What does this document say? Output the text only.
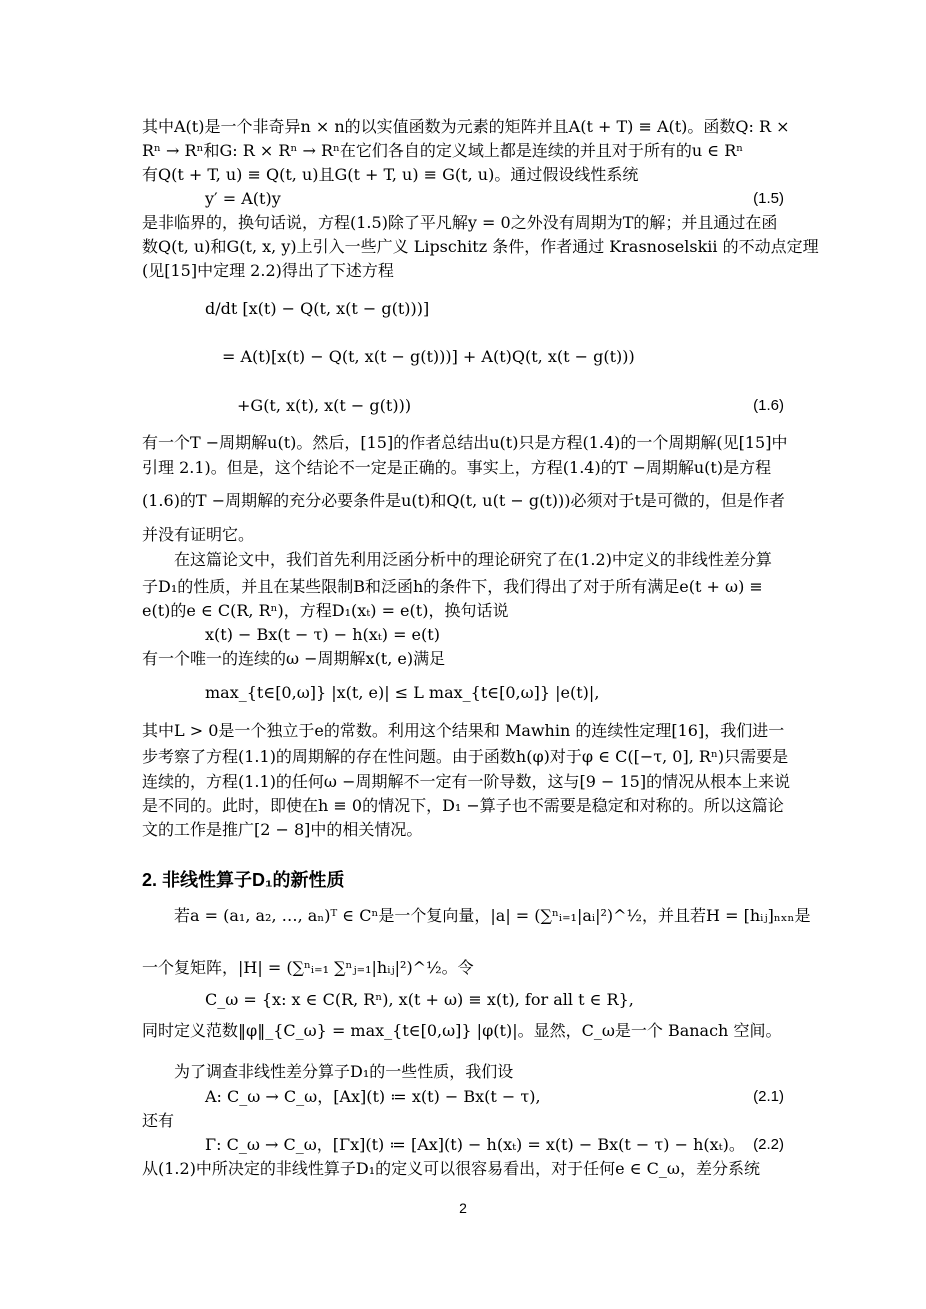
其中A(t)是一个非奇异n × n的以实值函数为元素的矩阵并且A(t + T) ≡ A(t)。函数Q: R ×
Rⁿ → Rⁿ和G: R × Rⁿ → Rⁿ在它们各自的定义域上都是连续的并且对于所有的u ∈ Rⁿ
有Q(t + T, u) ≡ Q(t, u)且G(t + T, u) ≡ G(t, u)。通过假设线性系统
y′ = A(t)y	(1.5)
是非临界的，换句话说，方程(1.5)除了平凡解y = 0之外没有周期为T的解；并且通过在函
数Q(t, u)和G(t, x, y)上引入一些广义 Lipschitz 条件，作者通过 Krasnoselskii 的不动点定理
(见[15]中定理 2.2)得出了下述方程
d/dt [x(t) − Q(t, x(t − g(t)))]
= A(t)[x(t) − Q(t, x(t − g(t)))] + A(t)Q(t, x(t − g(t)))
+G(t, x(t), x(t − g(t)))	(1.6)
有一个T −周期解u(t)。然后，[15]的作者总结出u(t)只是方程(1.4)的一个周期解(见[15]中
引理 2.1)。但是，这个结论不一定是正确的。事实上，方程(1.4)的T −周期解u(t)是方程
(1.6)的T −周期解的充分必要条件是u(t)和Q(t, u(t − g(t)))必须对于t是可微的，但是作者
并没有证明它。
在这篇论文中，我们首先利用泛函分析中的理论研究了在(1.2)中定义的非线性差分算
子D₁的性质，并且在某些限制B和泛函h的条件下，我们得出了对于所有满足e(t + ω) ≡
e(t)的e ∈ C(R, Rⁿ)，方程D₁(xₜ) = e(t)，换句话说
x(t) − Bx(t − τ) − h(xₜ) = e(t)
有一个唯一的连续的ω −周期解x(t, e)满足
max_{t∈[0,ω]} |x(t, e)| ≤ L max_{t∈[0,ω]} |e(t)|,
其中L > 0是一个独立于e的常数。利用这个结果和 Mawhin 的连续性定理[16]，我们进一
步考察了方程(1.1)的周期解的存在性问题。由于函数h(φ)对于φ ∈ C([−τ, 0], Rⁿ)只需要是
连续的，方程(1.1)的任何ω −周期解不一定有一阶导数，这与[9 − 15]的情况从根本上来说
是不同的。此时，即使在h ≡ 0的情况下，D₁ −算子也不需要是稳定和对称的。所以这篇论
文的工作是推广[2 − 8]中的相关情况。
2. 非线性算子D₁的新性质
若a = (a₁, a₂, …, aₙ)ᵀ ∈ Cⁿ是一个复向量，|a| = (∑ⁿᵢ₌₁|aᵢ|²)^½，并且若H = [hᵢⱼ]ₙₓₙ是
一个复矩阵，|H| = (∑ⁿᵢ₌₁ ∑ⁿⱼ₌₁|hᵢⱼ|²)^½。令
C_ω = {x: x ∈ C(R, Rⁿ), x(t + ω) ≡ x(t), for all t ∈ R},
同时定义范数‖φ‖_{C_ω} = max_{t∈[0,ω]} |φ(t)|。显然，C_ω是一个 Banach 空间。
为了调查非线性差分算子D₁的一些性质，我们设
A: C_ω → C_ω，[Ax](t) ≔ x(t) − Bx(t − τ),	(2.1)
还有
Γ: C_ω → C_ω，[Γx](t) ≔ [Ax](t) − h(xₜ) = x(t) − Bx(t − τ) − h(xₜ)。 (2.2)
从(1.2)中所决定的非线性算子D₁的定义可以很容易看出，对于任何e ∈ C_ω，差分系统
2
